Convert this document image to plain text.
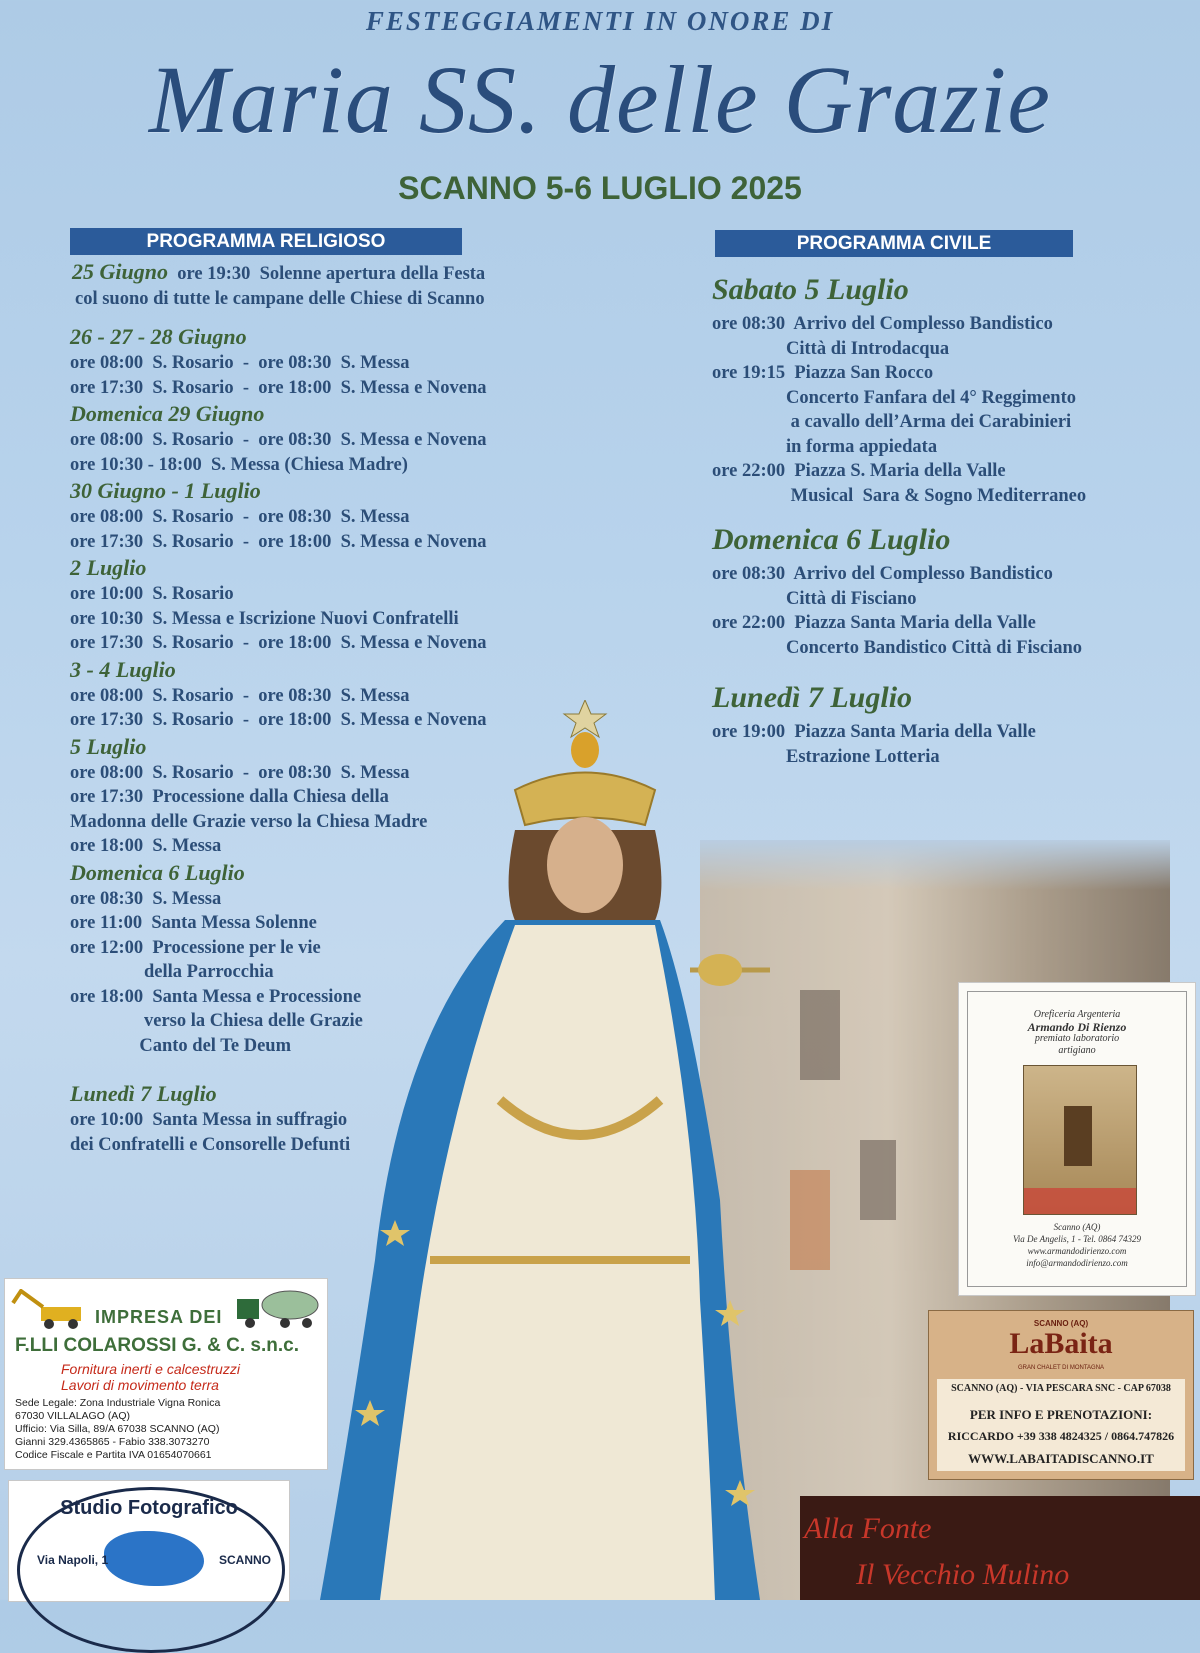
FESTEGGIAMENTI IN ONORE DI
Maria SS. delle Grazie
SCANNO 5-6 LUGLIO 2025
PROGRAMMA RELIGIOSO	PROGRAMMA CIVILE
25 Giugno ore 19:30  Solenne apertura della Festa
col suono di tutte le campane delle Chiese di Scanno
26 - 27 - 28 Giugno
ore 08:00  S. Rosario  -  ore 08:30  S. Messa
ore 17:30  S. Rosario  -  ore 18:00  S. Messa e Novena
Domenica 29 Giugno
ore 08:00  S. Rosario  -  ore 08:30  S. Messa e Novena
ore 10:30 - 18:00  S. Messa (Chiesa Madre)
30 Giugno - 1 Luglio
ore 08:00  S. Rosario  -  ore 08:30  S. Messa
ore 17:30  S. Rosario  -  ore 18:00  S. Messa e Novena
2 Luglio
ore 10:00  S. Rosario
ore 10:30  S. Messa e Iscrizione Nuovi Confratelli
ore 17:30  S. Rosario  -  ore 18:00  S. Messa e Novena
3 - 4 Luglio
ore 08:00  S. Rosario  -  ore 08:30  S. Messa
ore 17:30  S. Rosario  -  ore 18:00  S. Messa e Novena
5 Luglio
ore 08:00  S. Rosario  -  ore 08:30  S. Messa
ore 17:30  Processione dalla Chiesa della
Madonna delle Grazie verso la Chiesa Madre
ore 18:00  S. Messa
Domenica 6 Luglio
ore 08:30  S. Messa
ore 11:00  Santa Messa Solenne
ore 12:00  Processione per le vie
della Parrocchia
ore 18:00  Santa Messa e Processione
verso la Chiesa delle Grazie
Canto del Te Deum
Lunedì 7 Luglio
ore 10:00  Santa Messa in suffragio
dei Confratelli e Consorelle Defunti
Sabato 5 Luglio
ore 08:30  Arrivo del Complesso Bandistico
Città di Introdacqua
ore 19:15  Piazza San Rocco
Concerto Fanfara del 4° Reggimento
a cavallo dell’Arma dei Carabinieri
in forma appiedata
ore 22:00  Piazza S. Maria della Valle
Musical  Sara & Sogno Mediterraneo
Domenica 6 Luglio
ore 08:30  Arrivo del Complesso Bandistico
Città di Fisciano
ore 22:00  Piazza Santa Maria della Valle
Concerto Bandistico Città di Fisciano
Lunedì 7 Luglio
ore 19:00  Piazza Santa Maria della Valle
Estrazione Lotteria
IMPRESA DEI
F.LLI COLAROSSI G. & C. s.n.c.
Fornitura inerti e calcestruzzi
Lavori di movimento terra
Sede Legale: Zona Industriale Vigna Ronica
67030 VILLALAGO (AQ)
Ufficio: Via Silla, 89/A 67038 SCANNO (AQ)
Gianni 329.4365865 - Fabio 338.3073270
Codice Fiscale e Partita IVA 01654070661
Oreficeria Argenteria
Armando Di Rienzo
premiato laboratorio
artigiano
Scanno (AQ)
Via De Angelis, 1 - Tel. 0864 74329
www.armandodirienzo.com
info@armandodirienzo.com
SCANNO (AQ)
LaBaita
GRAN CHALET DI MONTAGNA
SCANNO (AQ) - VIA PESCARA SNC - CAP 67038
PER INFO E PRENOTAZIONI:
RICCARDO +39 338 4824325 / 0864.747826
WWW.LABAITADISCANNO.IT
Studio Fotografico
Via Napoli, 1	SCANNO
Alla Fonte
Il Vecchio Mulino
